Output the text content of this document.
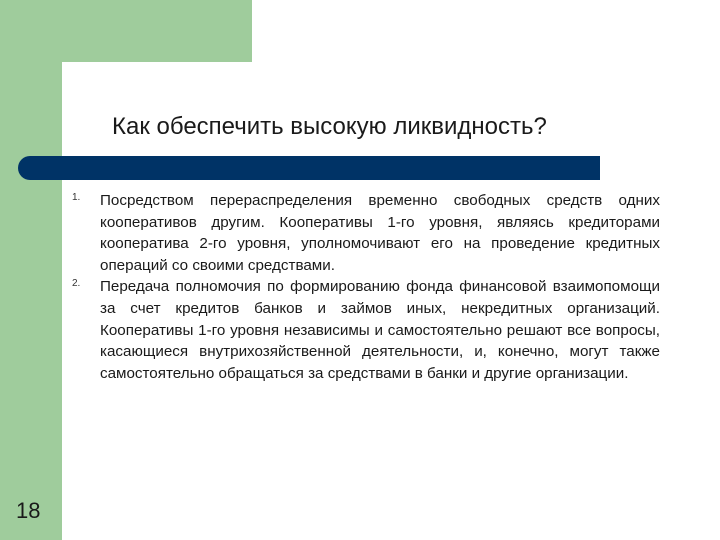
Как обеспечить высокую ликвидность?
1. Посредством перераспределения временно свободных средств одних кооперативов другим. Кооперативы 1-го уровня, являясь кредиторами кооператива 2-го уровня, уполномочивают его на проведение кредитных операций со своими средствами.
2. Передача полномочия по формированию фонда финансовой взаимопомощи за счет кредитов банков и займов иных, некредитных организаций. Кооперативы 1-го уровня независимы и самостоятельно решают все вопросы, касающиеся внутрихозяйственной деятельности, и, конечно, могут также самостоятельно обращаться за средствами в банки и другие организации.
18
